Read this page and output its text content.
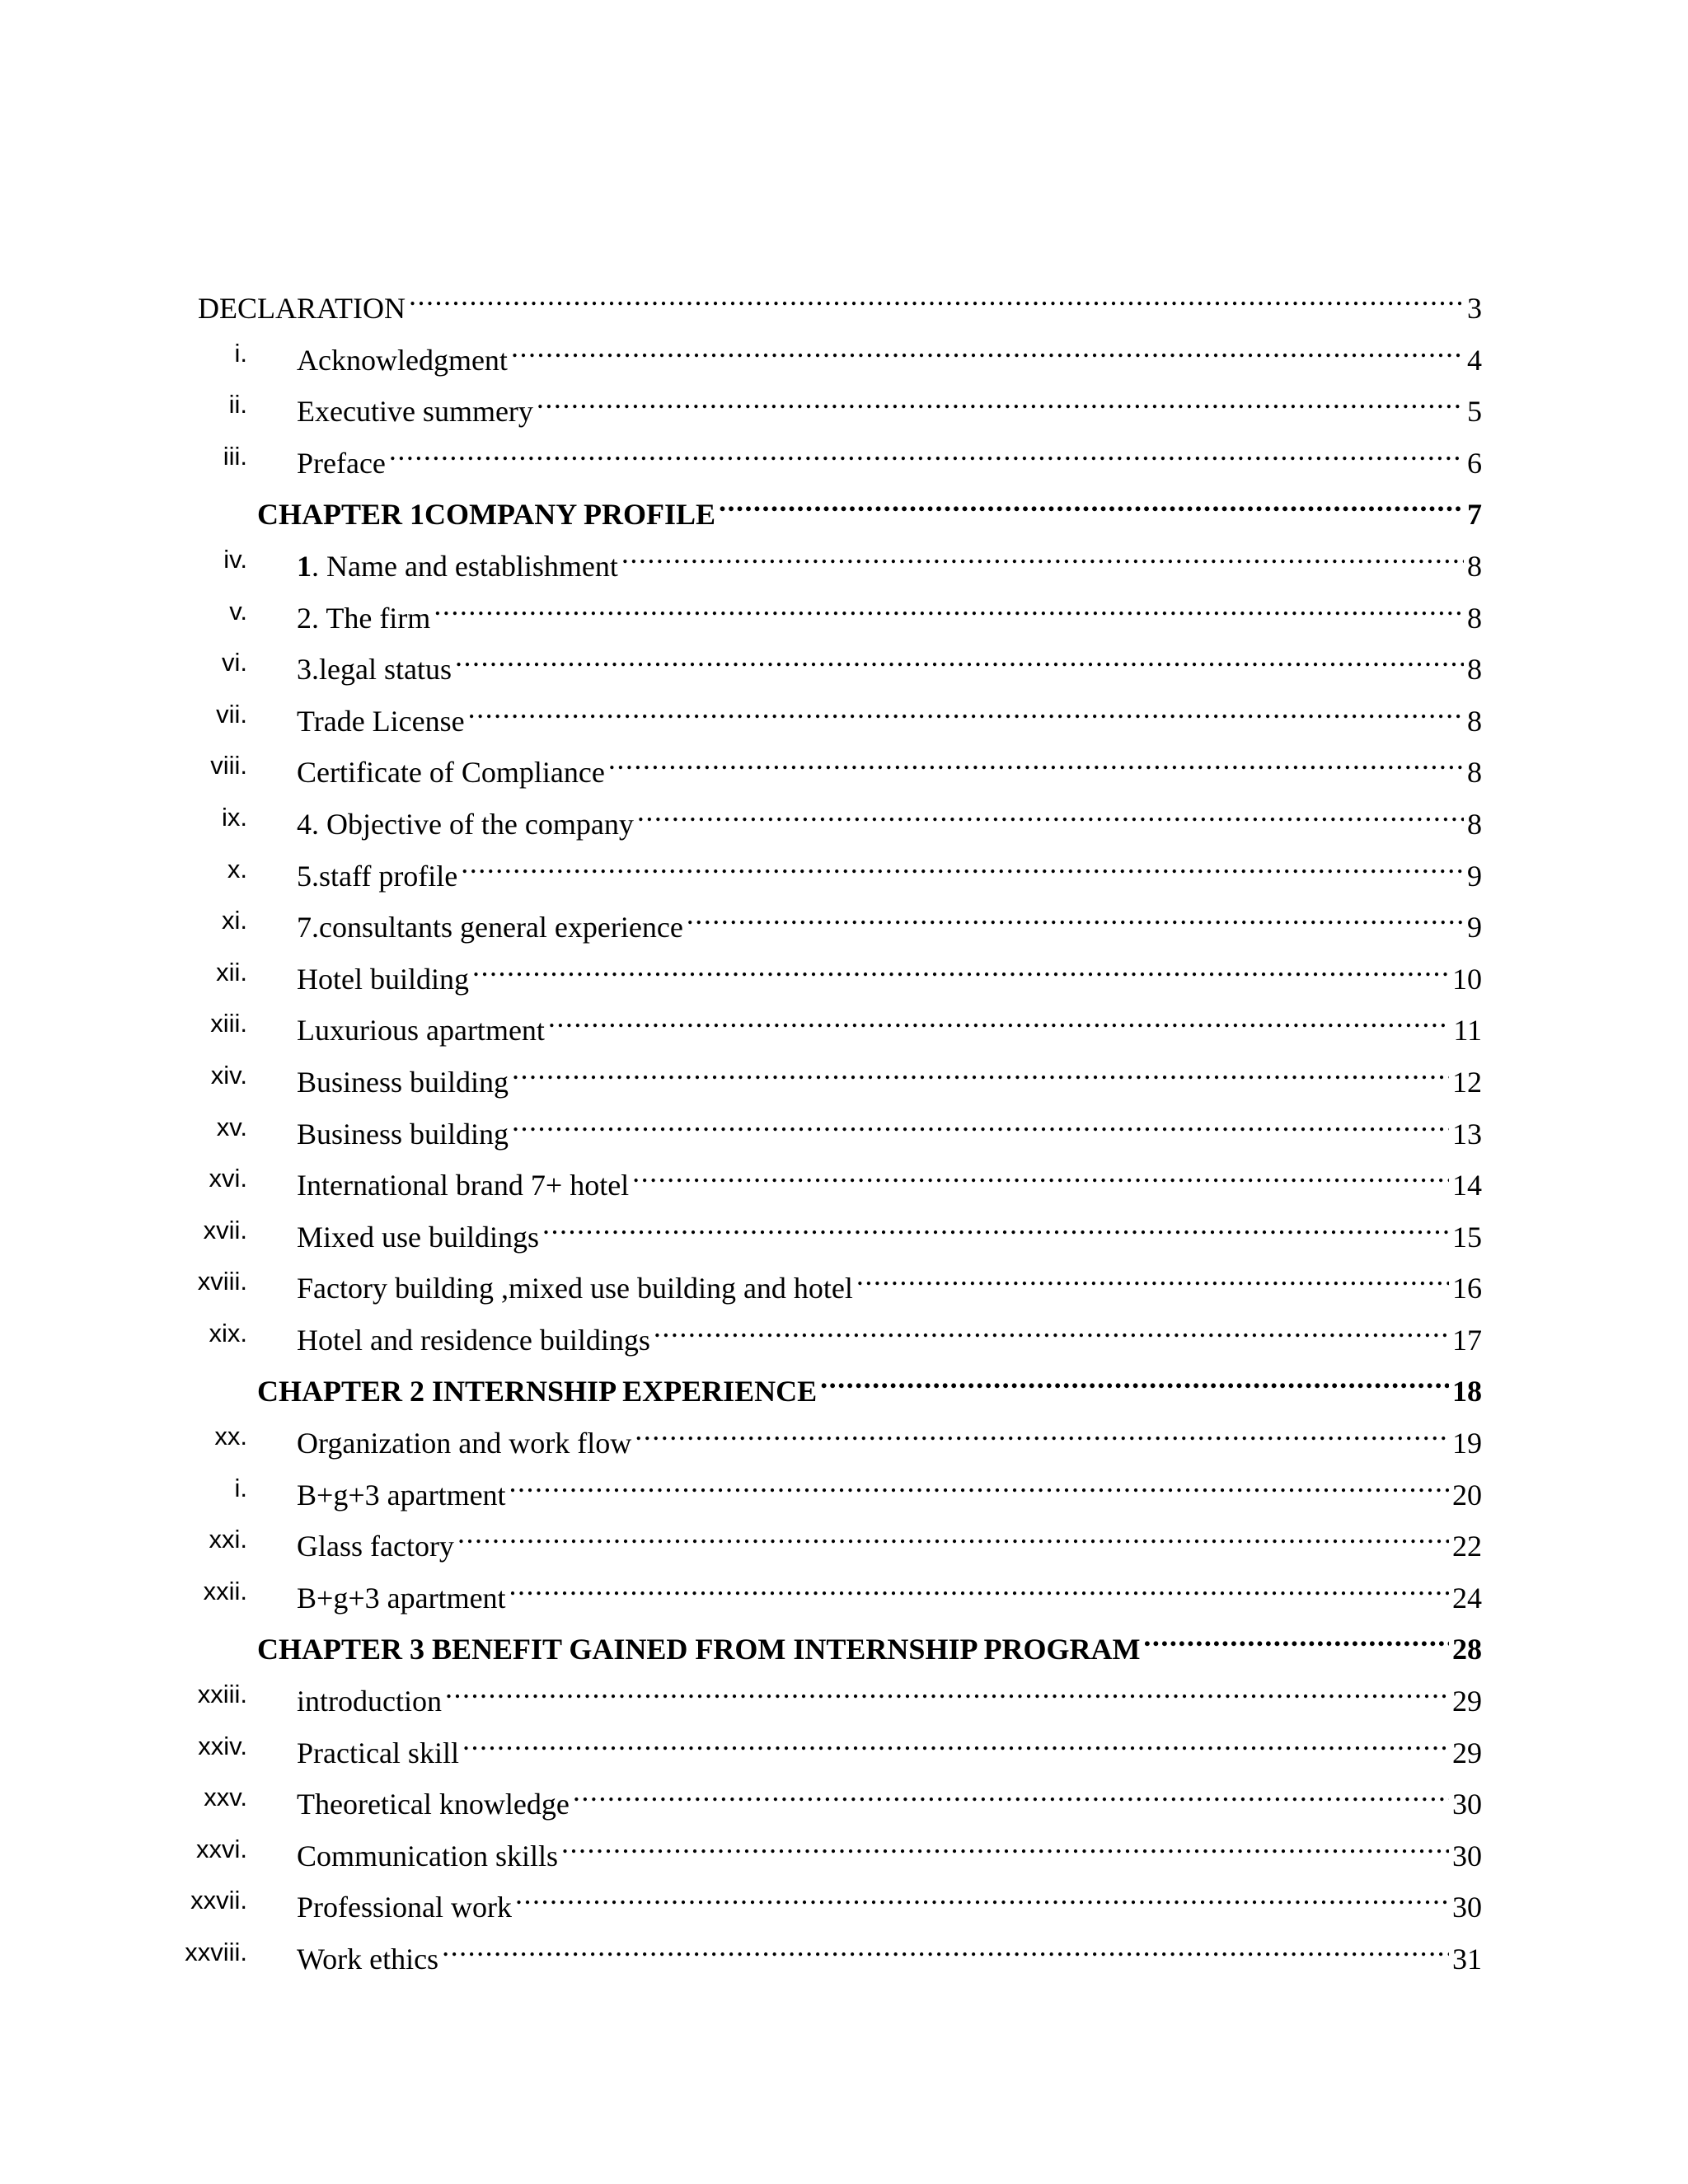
DECLARATION .....	3
i. Acknowledgment .....	4
ii. Executive summery .....	5
iii. Preface .....	6
CHAPTER 1COMPANY PROFILE .....	7
iv. 1. Name and establishment .....	8
v. 2. The firm .....	8
vi. 3.legal status .....	8
vii. Trade License .....	8
viii. Certificate of Compliance .....	8
ix. 4. Objective of the company .....	8
x. 5.staff profile .....	9
xi. 7.consultants general experience .....	9
xii. Hotel building .....	10
xiii. Luxurious apartment .....	11
xiv. Business building .....	12
xv. Business building .....	13
xvi. International brand 7+ hotel .....	14
xvii. Mixed use buildings .....	15
xviii. Factory building ,mixed use building and hotel .....	16
xix. Hotel and residence buildings .....	17
CHAPTER 2 INTERNSHIP EXPERIENCE .....	18
xx. Organization and work flow .....	19
i. B+g+3 apartment .....	20
xxi. Glass factory .....	22
xxii. B+g+3 apartment .....	24
CHAPTER 3 BENEFIT GAINED FROM INTERNSHIP PROGRAM .....	28
xxiii. introduction .....	29
xxiv. Practical skill .....	29
xxv. Theoretical knowledge .....	30
xxvi. Communication skills .....	30
xxvii. Professional work .....	30
xxviii. Work ethics .....	31
